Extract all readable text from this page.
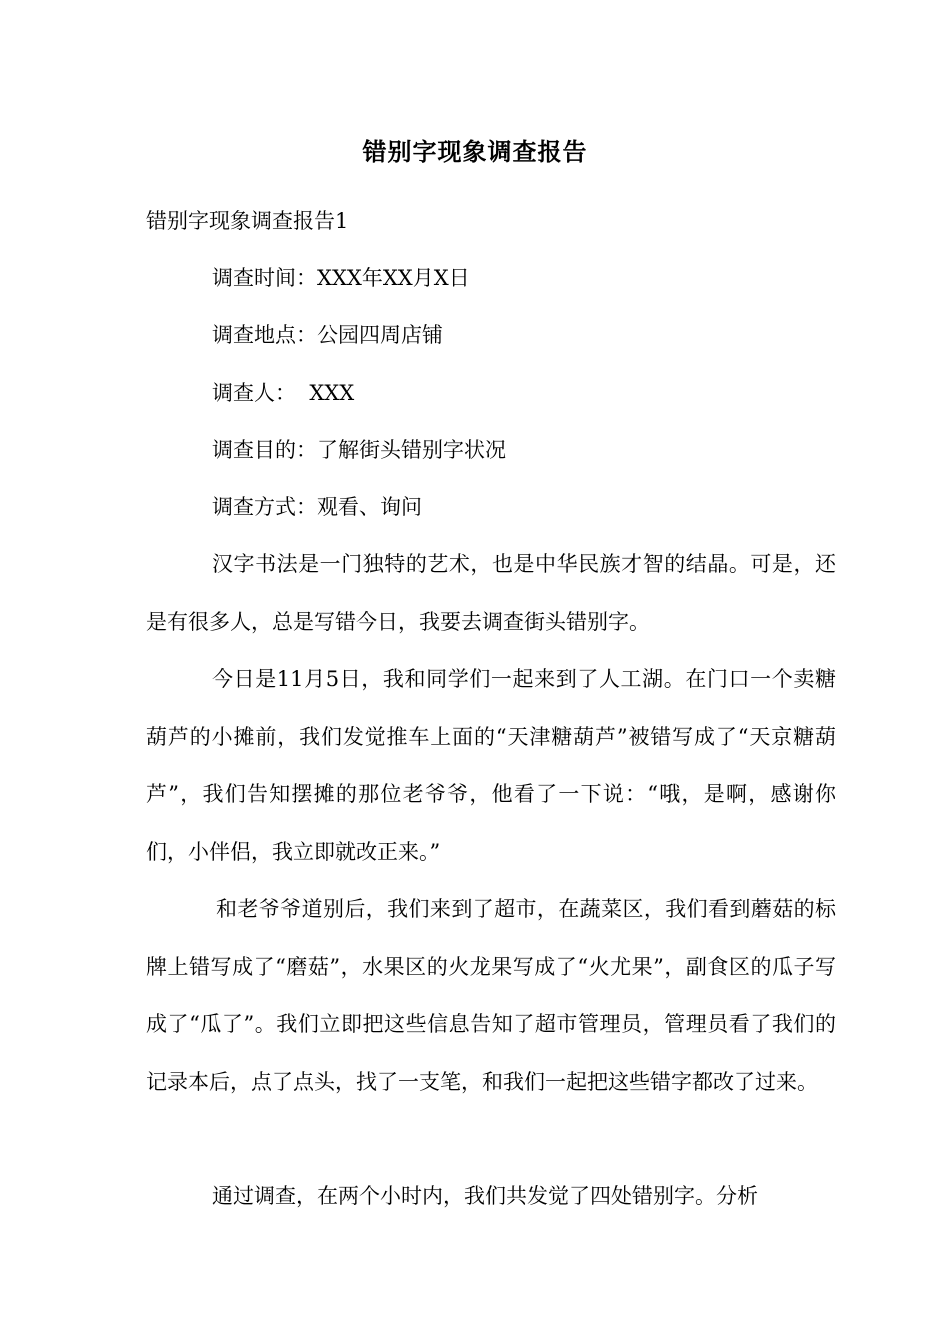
错别字现象调查报告
错别字现象调查报告1
调查时间：XXX年XX月X日
调查地点：公园四周店铺
调查人：  XXX
调查目的：了解街头错别字状况
调查方式：观看、询问
汉字书法是一门独特的艺术，也是中华民族才智的结晶。可是，还是有很多人，总是写错今日，我要去调查街头错别字。
今日是11月5日，我和同学们一起来到了人工湖。在门口一个卖糖葫芦的小摊前，我们发觉推车上面的“天津糖葫芦”被错写成了“天京糖葫芦”，我们告知摆摊的那位老爷爷，他看了一下说：“哦，是啊，感谢你们，小伴侣，我立即就改正来。”
和老爷爷道别后，我们来到了超市，在蔬菜区，我们看到蘑菇的标牌上错写成了“磨菇”，水果区的火龙果写成了“火尤果”，副食区的瓜子写成了“瓜了”。我们立即把这些信息告知了超市管理员，管理员看了我们的记录本后，点了点头，找了一支笔，和我们一起把这些错字都改了过来。
通过调查，在两个小时内，我们共发觉了四处错别字。分析
